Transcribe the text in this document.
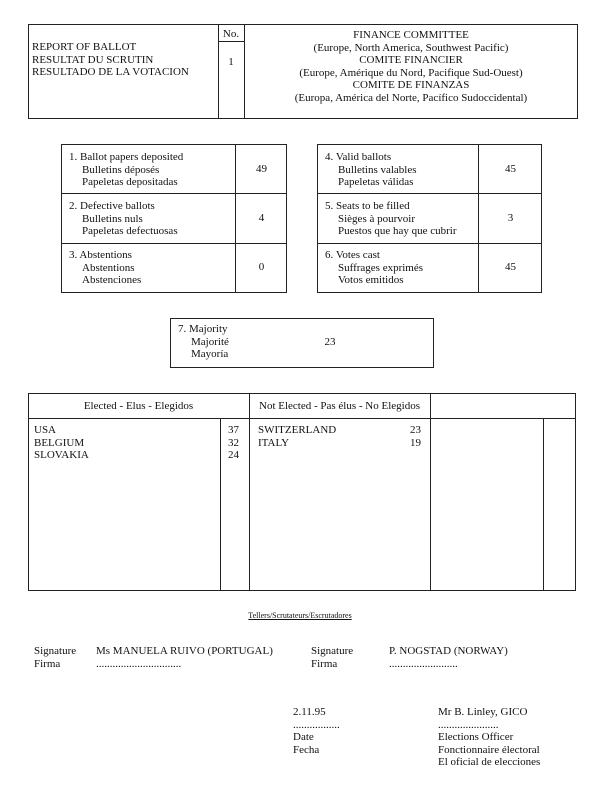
REPORT OF BALLOT
RESULTAT DU SCRUTIN
RESULTADO DE LA VOTACION
No.
1
FINANCE COMMITTEE
(Europe, North America, Southwest Pacific)
COMITE FINANCIER
(Europe, Amérique du Nord, Pacifique Sud-Ouest)
COMITE DE FINANZAS
(Europa, América del Norte, Pacífico Sudoccidental)
1. Ballot papers deposited
Bulletins déposés
Papeletas depositadas
49
2. Defective ballots
Bulletins nuls
Papeletas defectuosas
4
3. Abstentions
Abstentions
Abstenciones
0
4. Valid ballots
Bulletins valables
Papeletas válidas
45
5. Seats to be filled
Sièges à pourvoir
Puestos que hay que cubrir
3
6. Votes cast
Suffrages exprimés
Votos emitidos
45
7. Majority
Majorité
Mayoría
23
Elected - Elus - Elegidos	Not Elected - Pas élus - No Elegidos
USA	37
BELGIUM	32
SLOVAKIA	24
SWITZERLAND	23
ITALY	19
Tellers/Scrutateurs/Escrutadores
Signature Ms MANUELA RUIVO (PORTUGAL)
Firma	...............................
Signature	P. NOGSTAD (NORWAY)
Firma	.........................
2.11.95
.................
Date
Fecha
Mr B. Linley, GICO
......................
Elections Officer
Fonctionnaire électoral
El oficial de elecciones
